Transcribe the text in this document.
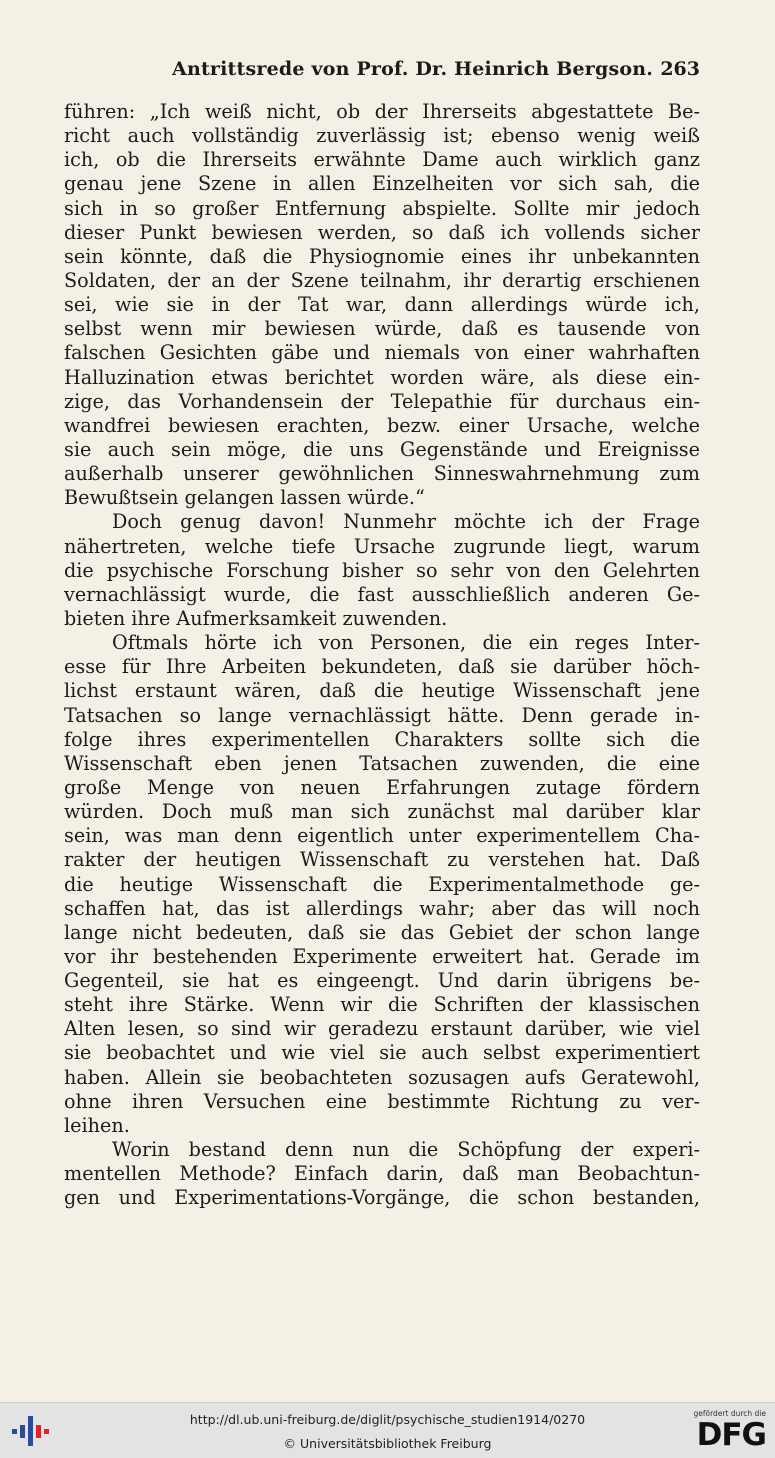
Antrittsrede von Prof. Dr. Heinrich Bergson. 263
führen: „Ich weiß nicht, ob der Ihrerseits abgestattete Be-
richt auch vollständig zuverlässig ist; ebenso wenig weiß
ich, ob die Ihrerseits erwähnte Dame auch wirklich ganz
genau jene Szene in allen Einzelheiten vor sich sah, die
sich in so großer Entfernung abspielte. Sollte mir jedoch
dieser Punkt bewiesen werden, so daß ich vollends sicher
sein könnte, daß die Physiognomie eines ihr unbekannten
Soldaten, der an der Szene teilnahm, ihr derartig erschienen
sei, wie sie in der Tat war, dann allerdings würde ich,
selbst wenn mir bewiesen würde, daß es tausende von
falschen Gesichten gäbe und niemals von einer wahrhaften
Halluzination etwas berichtet worden wäre, als diese ein-
zige, das Vorhandensein der Telepathie für durchaus ein-
wandfrei bewiesen erachten, bezw. einer Ursache, welche
sie auch sein möge, die uns Gegenstände und Ereignisse
außerhalb unserer gewöhnlichen Sinneswahrnehmung zum
Bewußtsein gelangen lassen würde.“
Doch genug davon! Nunmehr möchte ich der Frage
nähertreten, welche tiefe Ursache zugrunde liegt, warum
die psychische Forschung bisher so sehr von den Gelehrten
vernachlässigt wurde, die fast ausschließlich anderen Ge-
bieten ihre Aufmerksamkeit zuwenden.
Oftmals hörte ich von Personen, die ein reges Inter-
esse für Ihre Arbeiten bekundeten, daß sie darüber höch-
lichst erstaunt wären, daß die heutige Wissenschaft jene
Tatsachen so lange vernachlässigt hätte. Denn gerade in-
folge ihres experimentellen Charakters sollte sich die
Wissenschaft eben jenen Tatsachen zuwenden, die eine
große Menge von neuen Erfahrungen zutage fördern
würden. Doch muß man sich zunächst mal darüber klar
sein, was man denn eigentlich unter experimentellem Cha-
rakter der heutigen Wissenschaft zu verstehen hat. Daß
die heutige Wissenschaft die Experimentalmethode ge-
schaffen hat, das ist allerdings wahr; aber das will noch
lange nicht bedeuten, daß sie das Gebiet der schon lange
vor ihr bestehenden Experimente erweitert hat. Gerade im
Gegenteil, sie hat es eingeengt. Und darin übrigens be-
steht ihre Stärke. Wenn wir die Schriften der klassischen
Alten lesen, so sind wir geradezu erstaunt darüber, wie viel
sie beobachtet und wie viel sie auch selbst experimentiert
haben. Allein sie beobachteten sozusagen aufs Geratewohl,
ohne ihren Versuchen eine bestimmte Richtung zu ver-
leihen.
Worin bestand denn nun die Schöpfung der experi-
mentellen Methode? Einfach darin, daß man Beobachtun-
gen und Experimentations-Vorgänge, die schon bestanden,
http://dl.ub.uni-freiburg.de/diglit/psychische_studien1914/0270
© Universitätsbibliothek Freiburg
gefördert durch die
DFG
